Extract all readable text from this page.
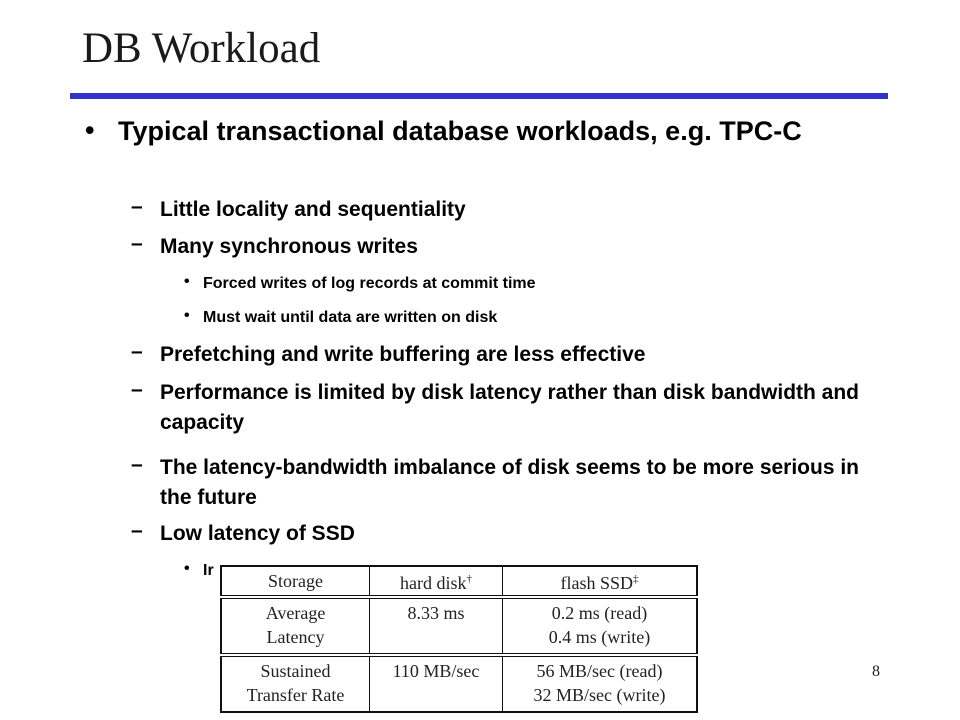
DB Workload
• Typical transactional database workloads, e.g. TPC-C
– Little locality and sequentiality
– Many synchronous writes
• Forced writes of log records at commit time
• Must wait until data are written on disk
– Prefetching and write buffering are less effective
– Performance is limited by disk latency rather than disk bandwidth and capacity
– The latency-bandwidth imbalance of disk seems to be more serious in the future
– Low latency of SSD
• Ir
Storage	hard disk†	flash SSD‡
Average Latency	8.33 ms	0.2 ms (read)
0.4 ms (write)

Sustained Transfer Rate	110 MB/sec	56 MB/sec (read)
32 MB/sec (write)
8
